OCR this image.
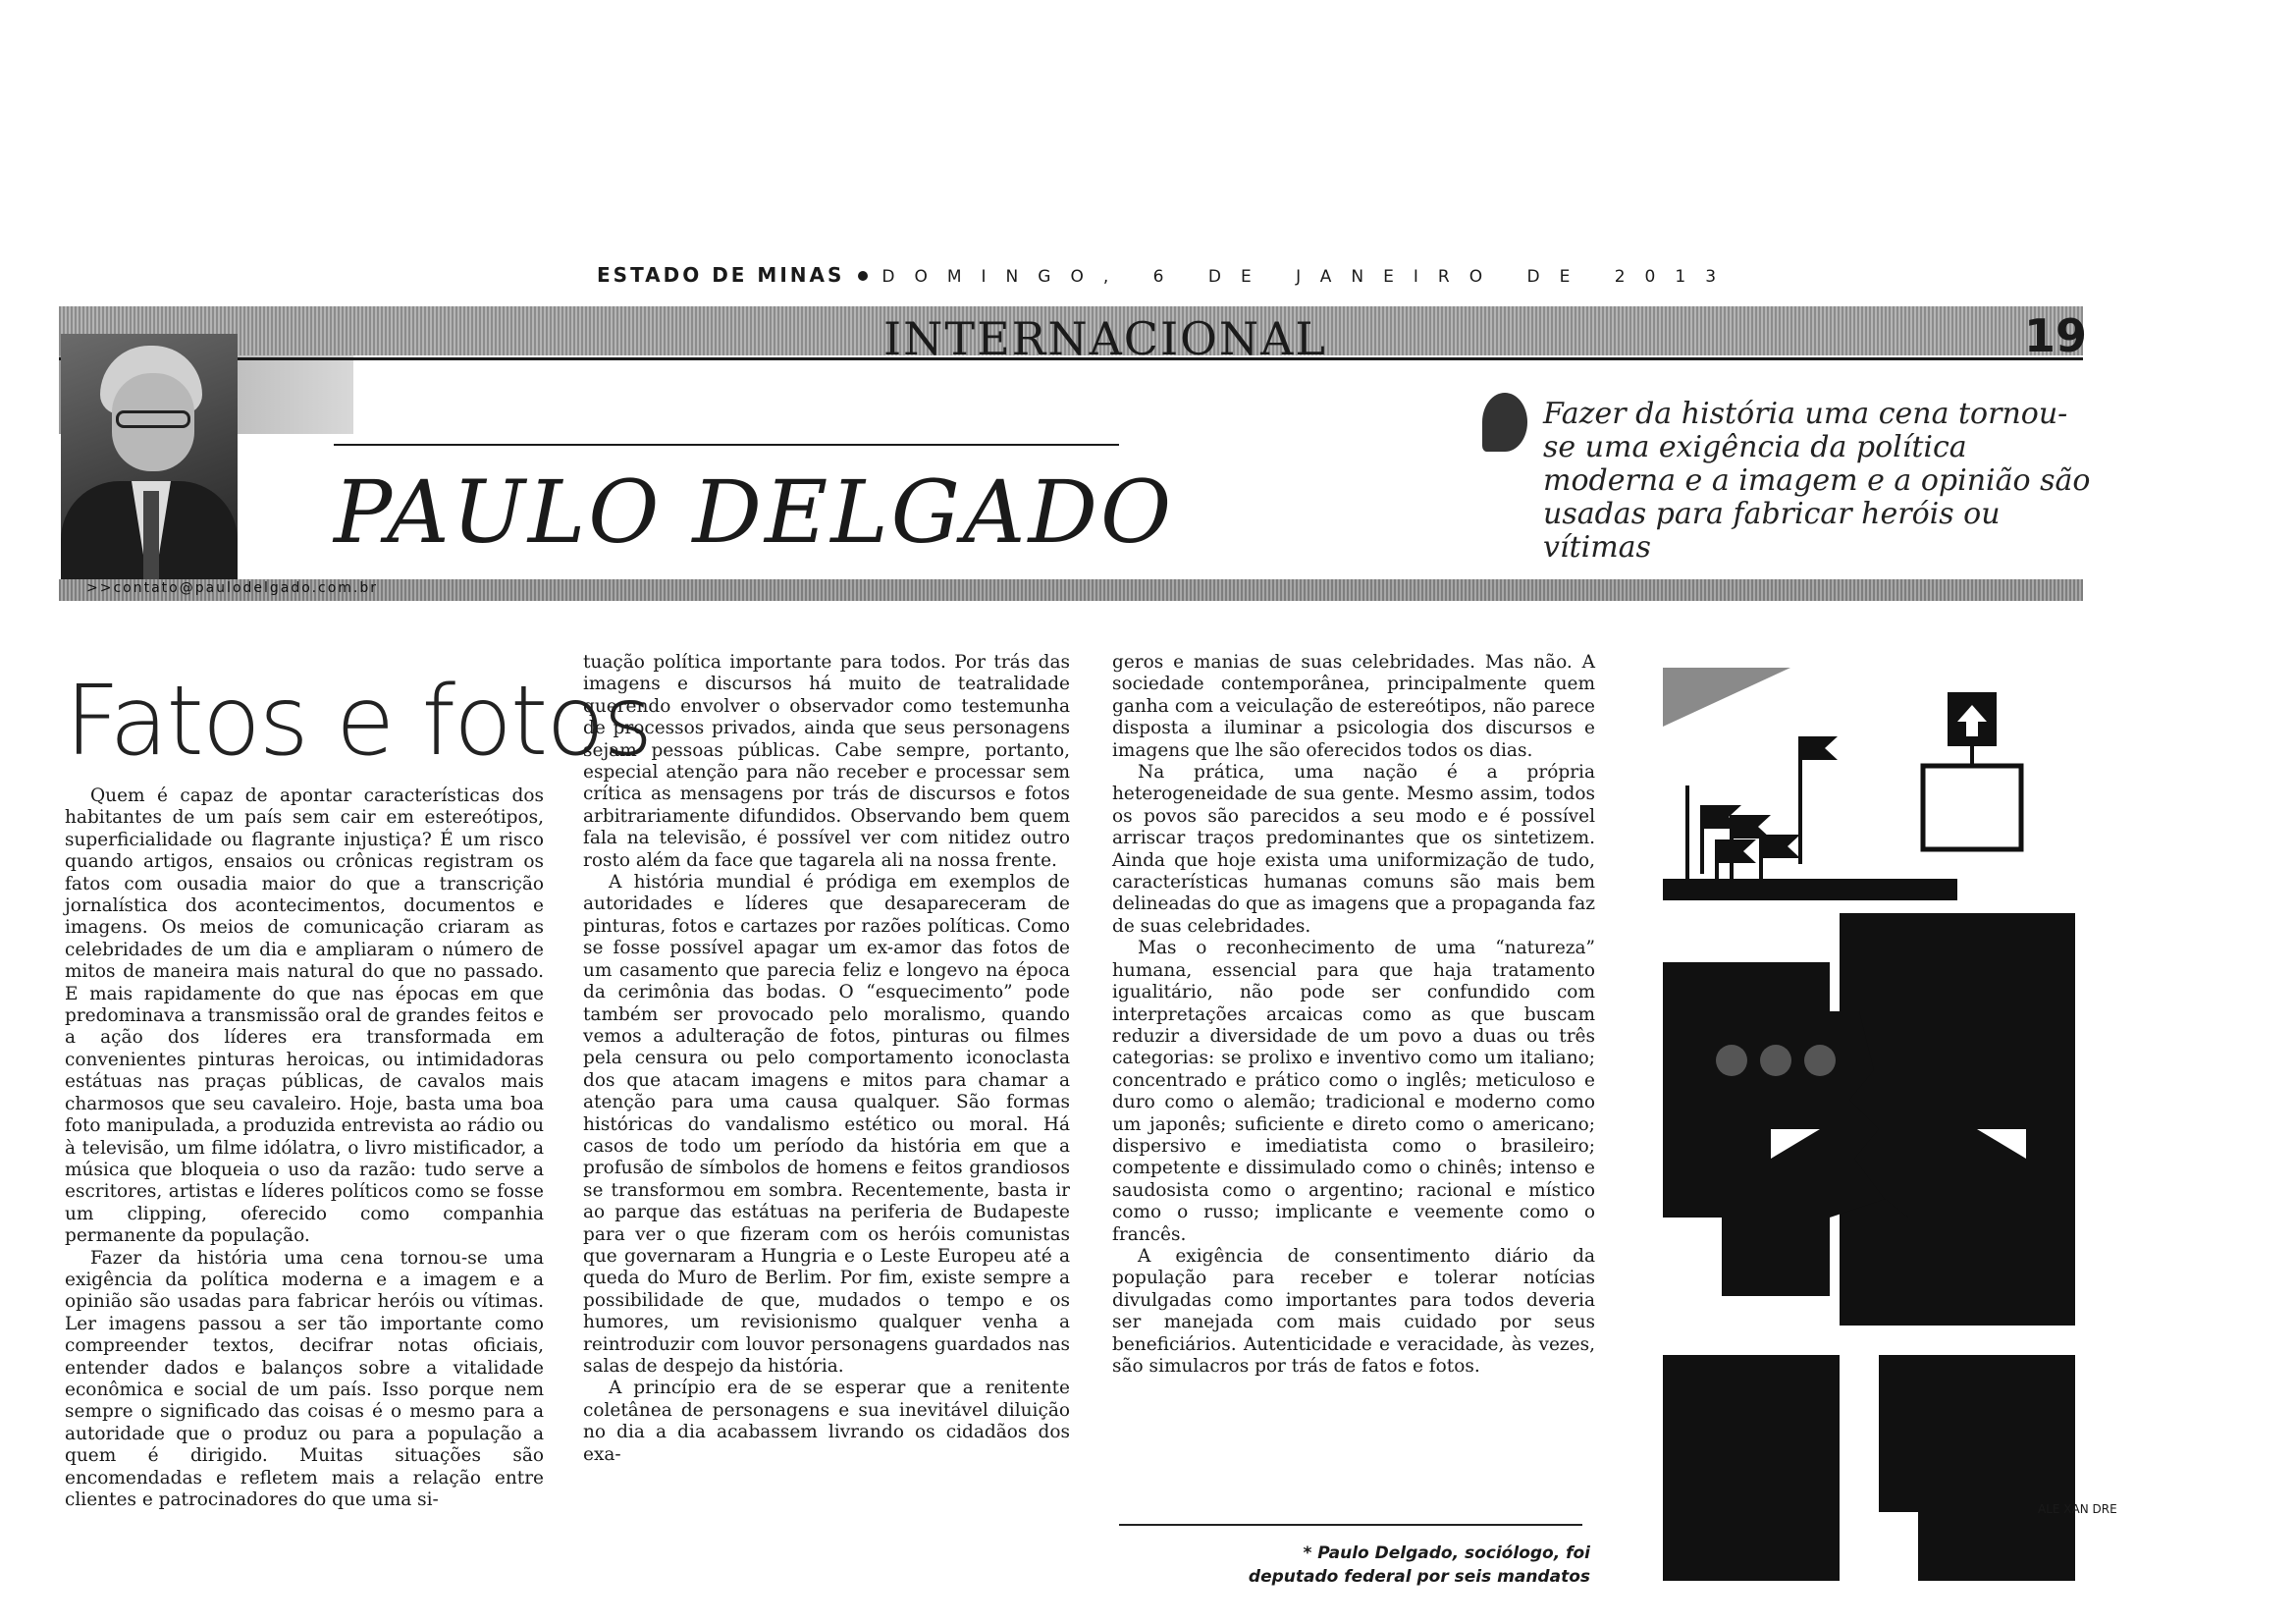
ESTADO DE MINAS DOMINGO, 6 DE JANEIRO DE 2013
INTERNACIONAL	19
PAULO DELGADO
>>contato@paulodelgado.com.br
Fazer da história uma cena tornou-se uma exigência da política moderna e a imagem e a opinião são usadas para fabricar heróis ou vítimas
Fatos e fotos

Quem é capaz de apontar características dos habitantes de um país sem cair em estereótipos, superficialidade ou flagrante injustiça? É um risco quando artigos, ensaios ou crônicas registram os fatos com ousadia maior do que a transcrição jornalística dos acontecimentos, documentos e imagens. Os meios de comunicação criaram as celebridades de um dia e ampliaram o número de mitos de maneira mais natural do que no passado. E mais rapidamente do que nas épocas em que predominava a transmissão oral de grandes feitos e a ação dos líderes era transformada em convenientes pinturas heroicas, ou intimidadoras estátuas nas praças públicas, de cavalos mais charmosos que seu cavaleiro. Hoje, basta uma boa foto manipulada, a produzida entrevista ao rádio ou à televisão, um filme idólatra, o livro mistificador, a música que bloqueia o uso da razão: tudo serve a escritores, artistas e líderes políticos como se fosse um clipping, oferecido como companhia permanente da população.

Fazer da história uma cena tornou-se uma exigência da política moderna e a imagem e a opinião são usadas para fabricar heróis ou vítimas. Ler imagens passou a ser tão importante como compreender textos, decifrar notas oficiais, entender dados e balanços sobre a vitalidade econômica e social de um país. Isso porque nem sempre o significado das coisas é o mesmo para a autoridade que o produz ou para a população a quem é dirigido. Muitas situações são encomendadas e refletem mais a relação entre clientes e patrocinadores do que uma si-

tuação política importante para todos. Por trás das imagens e discursos há muito de teatralidade querendo envolver o observador como testemunha de processos privados, ainda que seus personagens sejam pessoas públicas. Cabe sempre, portanto, especial atenção para não receber e processar sem crítica as mensagens por trás de discursos e fotos arbitrariamente difundidos. Observando bem quem fala na televisão, é possível ver com nitidez outro rosto além da face que tagarela ali na nossa frente.

A história mundial é pródiga em exemplos de autoridades e líderes que desapareceram de pinturas, fotos e cartazes por razões políticas. Como se fosse possível apagar um ex-amor das fotos de um casamento que parecia feliz e longevo na época da cerimônia das bodas. O “esquecimento” pode também ser provocado pelo moralismo, quando vemos a adulteração de fotos, pinturas ou filmes pela censura ou pelo comportamento iconoclasta dos que atacam imagens e mitos para chamar a atenção para uma causa qualquer. São formas históricas do vandalismo estético ou moral. Há casos de todo um período da história em que a profusão de símbolos de homens e feitos grandiosos se transformou em sombra. Recentemente, basta ir ao parque das estátuas na periferia de Budapeste para ver o que fizeram com os heróis comunistas que governaram a Hungria e o Leste Europeu até a queda do Muro de Berlim. Por fim, existe sempre a possibilidade de que, mudados o tempo e os humores, um revisionismo qualquer venha a reintroduzir com louvor personagens guardados nas salas de despejo da história.

A princípio era de se esperar que a renitente coletânea de personagens e sua inevitável diluição no dia a dia acabassem livrando os cidadãos dos exa-

geros e manias de suas celebridades. Mas não. A sociedade contemporânea, principalmente quem ganha com a veiculação de estereótipos, não parece disposta a iluminar a psicologia dos discursos e imagens que lhe são oferecidos todos os dias.

Na prática, uma nação é a própria heterogeneidade de sua gente. Mesmo assim, todos os povos são parecidos a seu modo e é possível arriscar traços predominantes que os sintetizem. Ainda que hoje exista uma uniformização de tudo, características humanas comuns são mais bem delineadas do que as imagens que a propaganda faz de suas celebridades.

Mas o reconhecimento de uma “natureza” humana, essencial para que haja tratamento igualitário, não pode ser confundido com interpretações arcaicas como as que buscam reduzir a diversidade de um povo a duas ou três categorias: se prolixo e inventivo como um italiano; concentrado e prático como o inglês; meticuloso e duro como o alemão; tradicional e moderno como um japonês; suficiente e direto como o americano; dispersivo e imediatista como o brasileiro; competente e dissimulado como o chinês; intenso e saudosista como o argentino; racional e místico como o russo; implicante e veemente como o francês.

A exigência de consentimento diário da população para receber e tolerar notícias divulgadas como importantes para todos deveria ser manejada com mais cuidado por seus beneficiários. Autenticidade e veracidade, às vezes, são simulacros por trás de fatos e fotos.

* Paulo Delgado, sociólogo, foi
deputado federal por seis mandatos
ALE XAN DRE
